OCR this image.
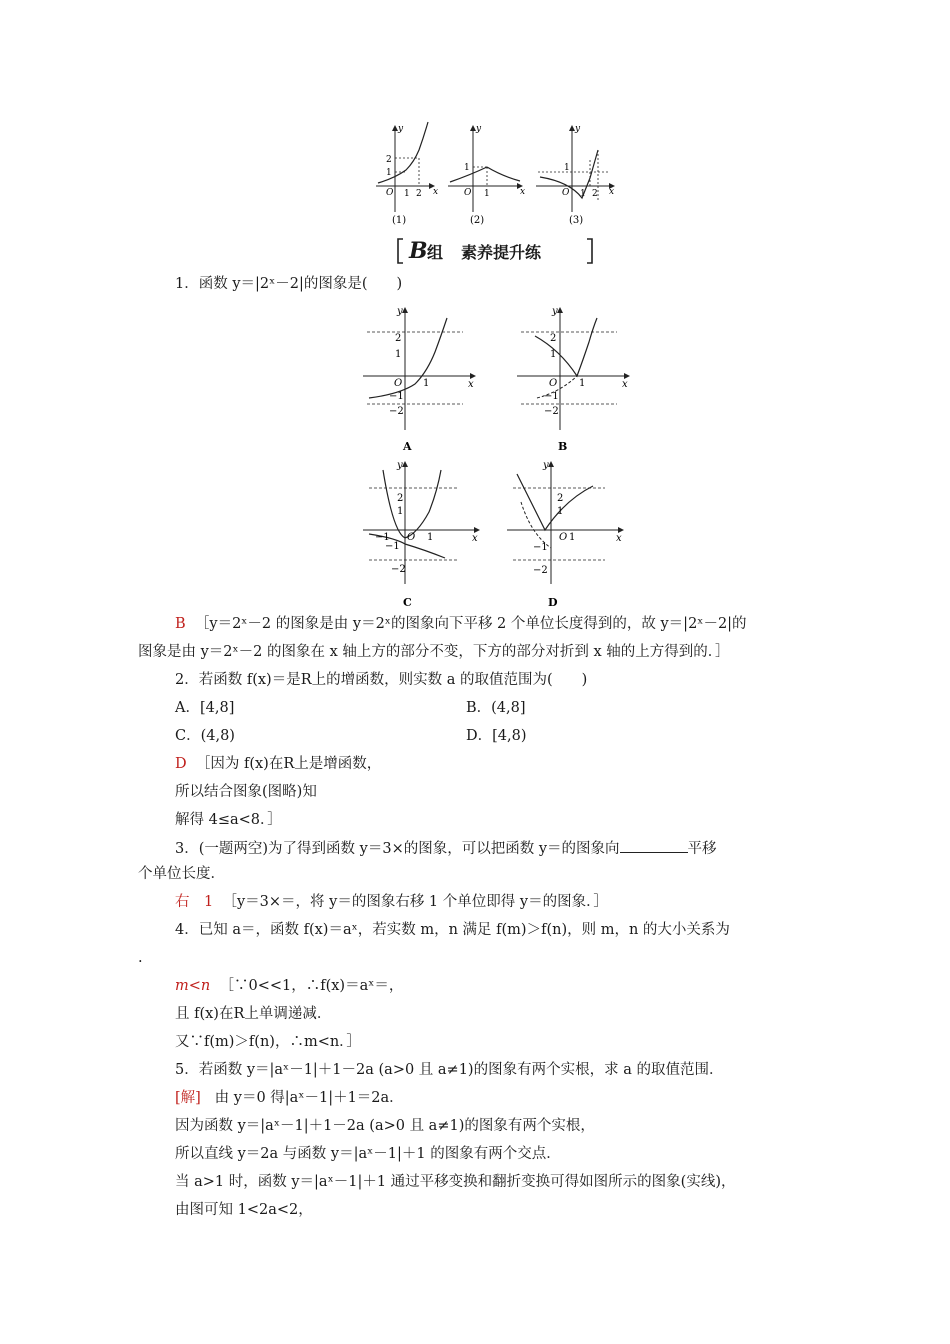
y
x
2
1
O 1 2
(1)
y
x
1
O 1
(2)
y
x
1
O 1 2
(3)
B 组 素养提升练
1．函数 y＝|2ˣ－2|的图象是(　　)
y
x
2
1
O 1
−1
−2
A
y
x
2
1
O 1
−1
−2
B
y
x
2
1
O
−1	1
−1
−2
C
y
x
2
1
O 1
−1
−2
D
B ［y＝2ˣ－2 的图象是由 y＝2ˣ的图象向下平移 2 个单位长度得到的，故 y＝|2ˣ－2|的
图象是由 y＝2ˣ－2 的图象在 x 轴上方的部分不变，下方的部分对折到 x 轴的上方得到的．］
2．若函数 f(x)＝是R上的增函数，则实数 a 的取值范围为(　　)
A．[4,8]	B．(4,8]
C．(4,8)	D．[4,8)
D ［因为 f(x)在R上是增函数，
所以结合图象(图略)知
解得 4≤a<8．］
3．(一题两空)为了得到函数 y＝3×的图象，可以把函数 y＝的图象向	平移
个单位长度．
右　1 ［y＝3×＝，将 y＝的图象右移 1 个单位即得 y＝的图象．］
4．已知 a＝，函数 f(x)＝aˣ，若实数 m，n 满足 f(m)＞f(n)，则 m，n 的大小关系为
.
m<n ［∵0<<1，∴f(x)＝aˣ＝，
且 f(x)在R上单调递减．
又∵f(m)＞f(n)，∴m<n．］
5．若函数 y＝|aˣ－1|＋1－2a (a>0 且 a≠1)的图象有两个实根，求 a 的取值范围．
[解] 由 y＝0 得|aˣ－1|＋1＝2a．
因为函数 y＝|aˣ－1|＋1－2a (a>0 且 a≠1)的图象有两个实根，
所以直线 y＝2a 与函数 y＝|aˣ－1|＋1 的图象有两个交点．
当 a>1 时，函数 y＝|aˣ－1|＋1 通过平移变换和翻折变换可得如图所示的图象(实线)，
由图可知 1<2a<2，
